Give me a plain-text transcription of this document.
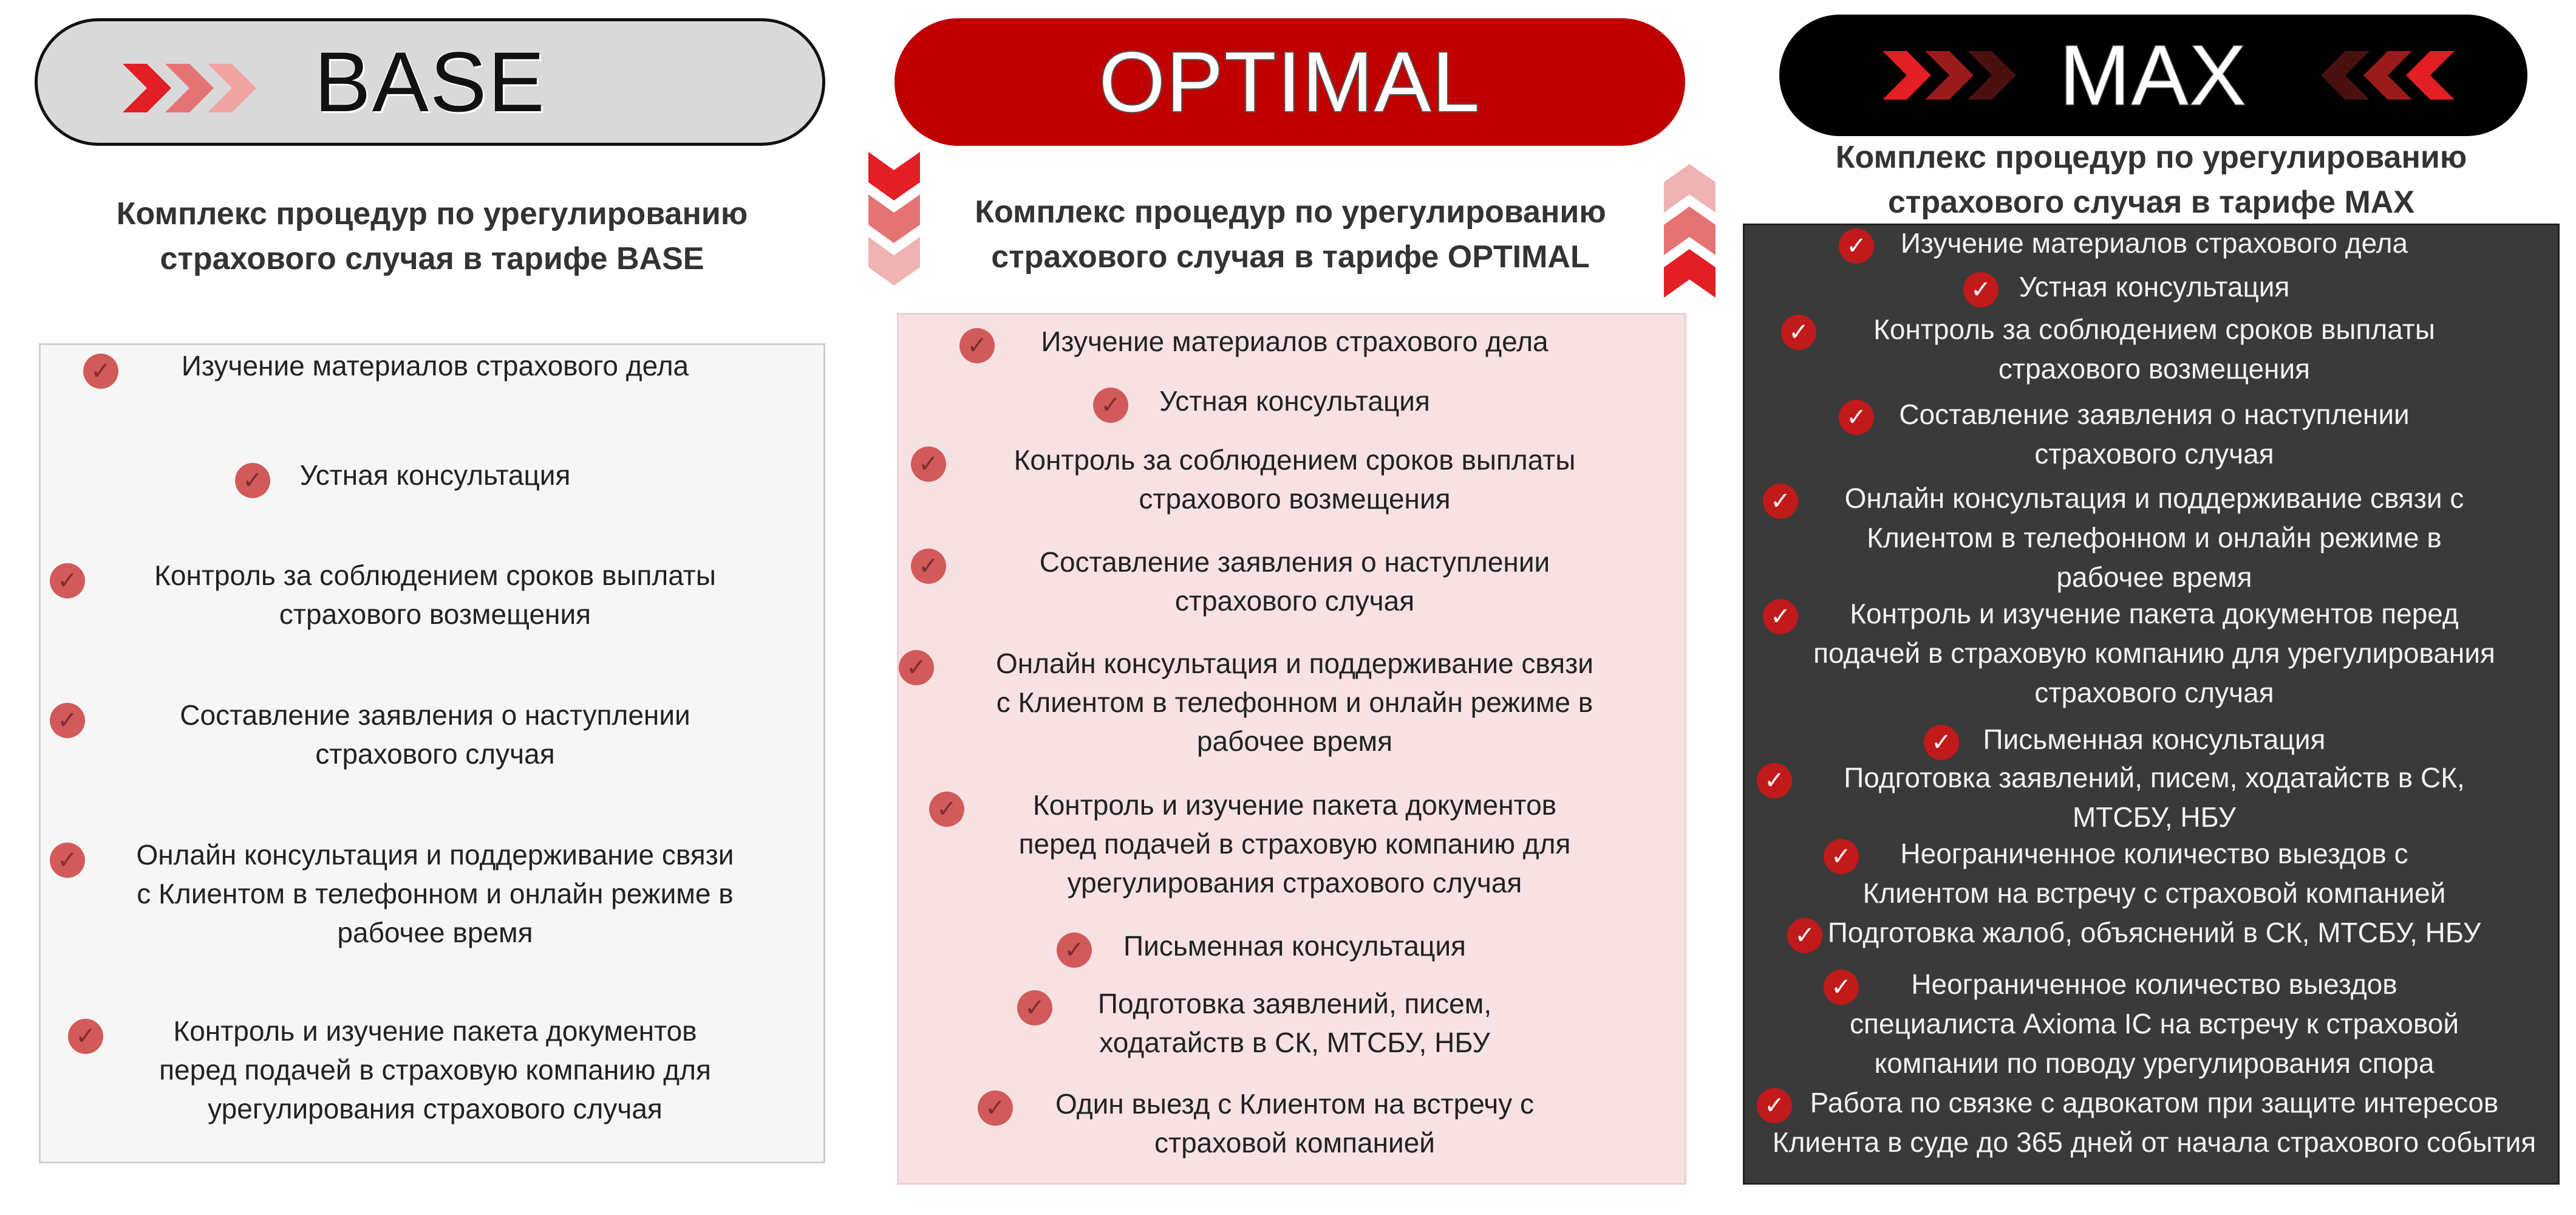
BASE	OPTIMAL	MAX
Комплекс процедур по урегулированию
страхового случая в тарифе BASE
Комплекс процедур по урегулированию
страхового случая в тарифе OPTIMAL
Комплекс процедур по урегулированию
страхового случая в тарифе MAX
✓	Изучение материалов страхового дела
✓	Устная консультация
✓	Контроль за соблюдением сроков выплаты
страхового возмещения
✓	Составление заявления о наступлении
страхового случая
✓	Онлайн консультация и поддерживание связи
с Клиентом в телефонном и онлайн режиме в
рабочее время
✓	Контроль и изучение пакета документов
перед подачей в страховую компанию для
урегулирования страхового случая
✓	Изучение материалов страхового дела
✓	Устная консультация
✓	Контроль за соблюдением сроков выплаты
страхового возмещения
✓	Составление заявления о наступлении
страхового случая
✓	Онлайн консультация и поддерживание связи
с Клиентом в телефонном и онлайн режиме в
рабочее время
✓	Контроль и изучение пакета документов
перед подачей в страховую компанию для
урегулирования страхового случая
✓	Письменная консультация
✓	Подготовка заявлений, писем,
ходатайств в СК, МТСБУ, НБУ
✓	Один выезд с Клиентом на встречу с
страховой компанией
✓	Изучение материалов страхового дела
✓ Устная консультация
✓	Контроль за соблюдением сроков выплаты
страхового возмещения
✓	Составление заявления о наступлении
страхового случая
✓	Онлайн консультация и поддерживание связи с
Клиентом в телефонном и онлайн режиме в
рабочее время
✓	Контроль и изучение пакета документов перед
подачей в страховую компанию для урегулирования
страхового случая
✓	Письменная консультация
✓	Подготовка заявлений, писем, ходатайств в СК,
МТСБУ, НБУ
✓	Неограниченное количество выездов с
Клиентом на встречу с страховой компанией
✓ Подготовка жалоб, объяснений в СК, МТСБУ, НБУ
✓	Неограниченное количество выездов
специалиста Axioma IC на встречу к страховой
компании по поводу урегулирования спора
✓ Работа по связке с адвокатом при защите интересов
Клиента в суде до 365 дней от начала страхового события
